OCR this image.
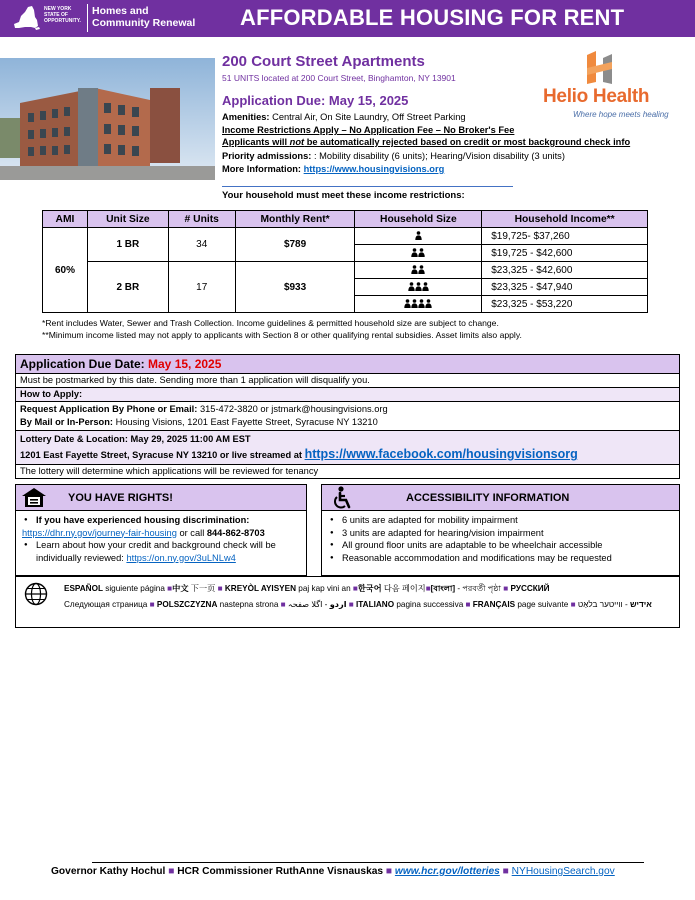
NEW YORK
STATE OF
OPPORTUNITY.
Homes and
Community Renewal AFFORDABLE HOUSING FOR RENT
200 Court Street Apartments
51 UNITS located at 200 Court Street, Binghamton, NY 13901
Application Due: May 15, 2025
Amenities: Central Air, On Site Laundry, Off Street Parking
Income Restrictions Apply – No Application Fee – No Broker's Fee
Applicants will not be automatically rejected based on credit or most background check info
Priority admissions: : Mobility disability (6 units); Hearing/Vision disability (3 units)
More Information: https://www.housingvisions.org
Helio Health
Where hope meets healing
Your household must meet these income restrictions:
AMI	Unit Size	# Units	Monthly Rent*	Household Size	Household Income**
60%	1 BR	34	$789		$19,725- $37,260
	$19,725 - $42,600
	2 BR	17	$933		$23,325 - $42,600
	$23,325 - $47,940
	$23,325 - $53,220
*Rent includes Water, Sewer and Trash Collection. Income guidelines & permitted household size are subject to change.
**Minimum income listed may not apply to applicants with Section 8 or other qualifying rental subsidies. Asset limits also apply.
Application Due Date: May 15, 2025
Must be postmarked by this date. Sending more than 1 application will disqualify you.
How to Apply:
Request Application By Phone or Email: 315-472-3820 or jstmark@housingvisions.org
By Mail or In-Person: Housing Visions, 1201 East Fayette Street, Syracuse NY 13210
Lottery Date & Location: May 29, 2025 11:00 AM EST
1201 East Fayette Street, Syracuse NY 13210 or live streamed at https://www.facebook.com/housingvisionsorg
The lottery will determine which applications will be reviewed for tenancy
YOU HAVE RIGHTS!
● If you have experienced housing discrimination:
https://dhr.ny.gov/journey-fair-housing or call 844-862-8703
● Learn about how your credit and background check will be individually reviewed: https://on.ny.gov/3uLNLw4
ACCESSIBILITY INFORMATION
● 6 units are adapted for mobility impairment
● 3 units are adapted for hearing/vision impairment
● All ground floor units are adaptable to be wheelchair accessible
● Reasonable accommodation and modifications may be requested
ESPAÑOL siguiente página ■中文 下一页 ■ KREYÒL AYISYEN paj kap vini an ■한국어 다음 페이지■[বাংলা] - পরবর্তী পৃষ্ঠা ■ РУССКИЙ
Следующая страница ■ POLSZCZYZNA nastepna strona ■	اردو - اگلا صفحہ ■ ITALIANO pagina successiva ■ FRANÇAIS page suivante ■	אידיש - ווייטער בלאַט
Governor Kathy Hochul ■ HCR Commissioner RuthAnne Visnauskas ■ www.hcr.gov/lotteries ■ NYHousingSearch.gov
